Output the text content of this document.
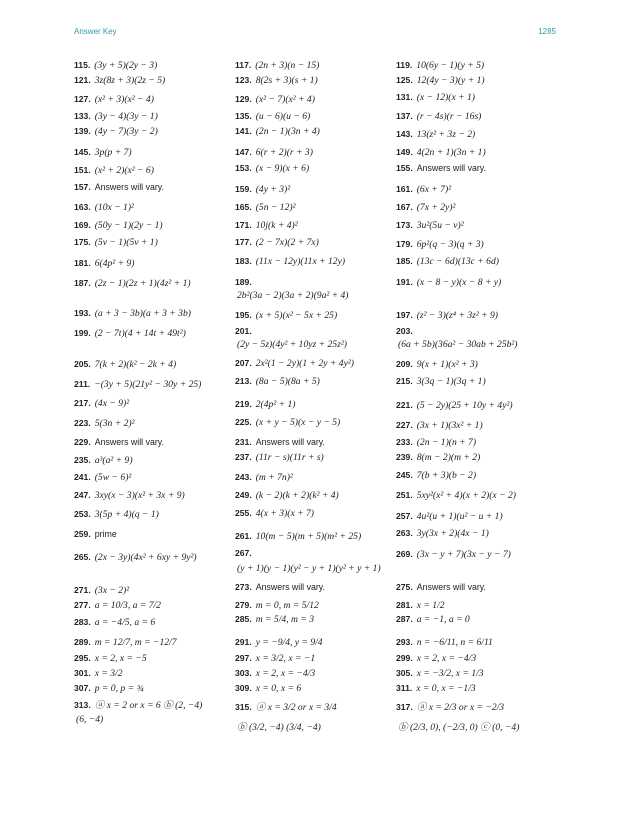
Answer Key	1285
115. (3y + 5)(2y − 3)
121. 3z(8z + 3)(2z − 5)
127. (x² + 3)(x² − 4)
133. (3y − 4)(3y − 1)
139. (4y − 7)(3y − 2)
145. 3p(p + 7)
151. (x² + 2)(x² − 6)
157. Answers will vary.
163. (10x − 1)²
169. (50y − 1)(2y − 1)
175. (5v − 1)(5v + 1)
181. 6(4p² + 9)
187. (2z − 1)(2z + 1)(4z² + 1)
193. (a + 3 − 3b)(a + 3 + 3b)
199. (2 − 7t)(4 + 14t + 49t²)
205. 7(k + 2)(k² − 2k + 4)
211. −(3y + 5)(21y² − 30y + 25)
217. (4x − 9)²
223. 5(3n + 2)²
229. Answers will vary.
235. a³(a² + 9)
241. (5w − 6)²
247. 3xy(x − 3)(x² + 3x + 9)
253. 3(5p + 4)(q − 1)
259. prime
265. (2x − 3y)(4x² + 6xy + 9y²)
271. (3x − 2)²
277. a = 10/3, a = 7/2
283. a = −4/5, a = 6
289. m = 12/7, m = −12/7
295. x = 2, x = −5
301. x = 3/2
307. p = 0, p = ¾
313. ⓐ x = 2 or x = 6 ⓑ (2, −4)
(6, −4)
117. (2n + 3)(n − 15)
123. 8(2s + 3)(s + 1)
129. (x² − 7)(x² + 4)
135. (u − 6)(u − 6)
141. (2n − 1)(3n + 4)
147. 6(r + 2)(r + 3)
153. (x − 9)(x + 6)
159. (4y + 3)²
165. (5n − 12)²
171. 10j(k + 4)²
177. (2 − 7x)(2 + 7x)
183. (11x − 12y)(11x + 12y)
189.
2b²(3a − 2)(3a + 2)(9a² + 4)
195. (x + 5)(x² − 5x + 25)
201.
(2y − 5z)(4y² + 10yz + 25z²)
207. 2x²(1 − 2y)(1 + 2y + 4y²)
213. (8a − 5)(8a + 5)
219. 2(4p² + 1)
225. (x + y − 5)(x − y − 5)
231. Answers will vary.
237. (11r − s)(11r + s)
243. (m + 7n)²
249. (k − 2)(k + 2)(k² + 4)
255. 4(x + 3)(x + 7)
261. 10(m − 5)(m + 5)(m² + 25)
267.
(y + 1)(y − 1)(y² − y + 1)(y² + y + 1)
273. Answers will vary.
279. m = 0, m = 5/12
285. m = 5/4, m = 3
291. y = −9/4, y = 9/4
297. x = 3/2, x = −1
303. x = 2, x = −4/3
309. x = 0, x = 6
315. ⓐ x = 3/2 or x = 3/4
ⓑ (3/2, −4) (3/4, −4)
119. 10(6y − 1)(y + 5)
125. 12(4y − 3)(y + 1)
131. (x − 12)(x + 1)
137. (r − 4s)(r − 16s)
143. 13(z² + 3z − 2)
149. 4(2n + 1)(3n + 1)
155. Answers will vary.
161. (6x + 7)²
167. (7x + 2y)²
173. 3u²(5u − v)²
179. 6p²(q − 3)(q + 3)
185. (13c − 6d)(13c + 6d)
191. (x − 8 − y)(x − 8 + y)
197. (z² − 3)(z⁴ + 3z² + 9)
203.
(6a + 5b)(36a² − 30ab + 25b²)
209. 9(x + 1)(x² + 3)
215. 3(3q − 1)(3q + 1)
221. (5 − 2y)(25 + 10y + 4y²)
227. (3x + 1)(3x² + 1)
233. (2n − 1)(n + 7)
239. 8(m − 2)(m + 2)
245. 7(b + 3)(b − 2)
251. 5xy²(x² + 4)(x + 2)(x − 2)
257. 4u²(u + 1)(u² − u + 1)
263. 3y(3x + 2)(4x − 1)
269. (3x − y + 7)(3x − y − 7)
275. Answers will vary.
281. x = 1/2
287. a = −1, a = 0
293. n = −6/11, n = 6/11
299. x = 2, x = −4/3
305. x = −3/2, x = 1/3
311. x = 0, x = −1/3
317. ⓐ x = 2/3 or x = −2/3
ⓑ (2/3, 0), (−2/3, 0) ⓒ (0, −4)
